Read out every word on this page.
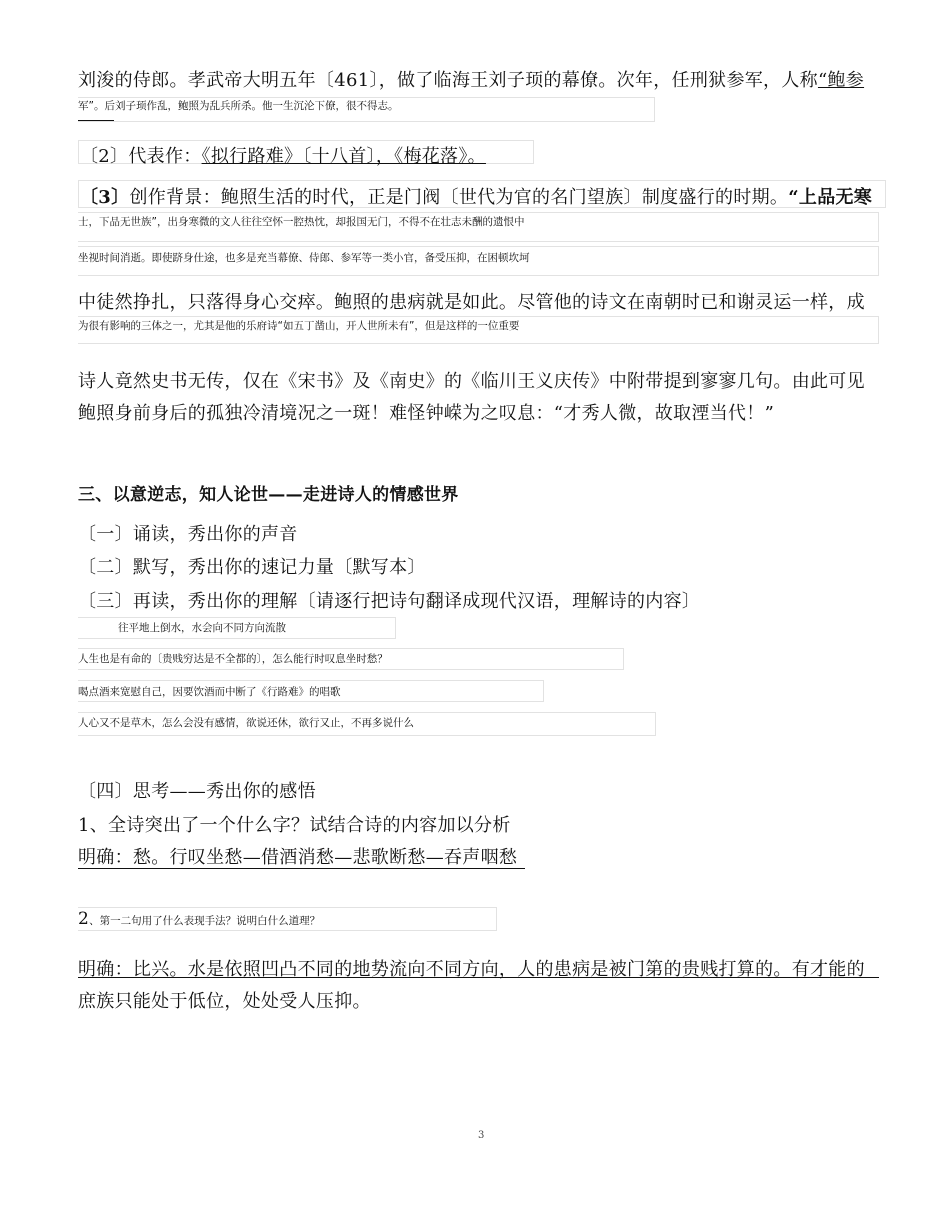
刘浚的侍郎。孝武帝大明五年〔461〕，做了临海王刘子顼的幕僚。次年，任刑狱参军，人称“鲍参
军”。后刘子顼作乱，鲍照为乱兵所杀。他一生沉沦下僚，很不得志。
〔2〕代表作：《拟行路难》〔十八首〕，《梅花落》。
〔3〕创作背景：鲍照生活的时代，正是门阀〔世代为官的名门望族〕制度盛行的时期。“上品无寒
士，下品无世族”，出身寒微的文人往往空怀一腔热忱，却报国无门，不得不在壮志未酬的遗恨中
坐视时间消逝。即使跻身仕途，也多是充当幕僚、侍郎、参军等一类小官，备受压抑，在困顿坎坷
中徒然挣扎，只落得身心交瘁。鲍照的患病就是如此。尽管他的诗文在南朝时已和谢灵运一样，成
为很有影响的三体之一，尤其是他的乐府诗“如五丁凿山，开人世所未有”，但是这样的一位重要
诗人竟然史书无传，仅在《宋书》及《南史》的《临川王义庆传》中附带提到寥寥几句。由此可见
鲍照身前身后的孤独冷清境况之一斑！难怪钟嵘为之叹息：“才秀人微，故取湮当代！”
三、以意逆志，知人论世——走进诗人的情感世界
〔一〕诵读，秀出你的声音
〔二〕默写，秀出你的速记力量〔默写本〕
〔三〕再读，秀出你的理解〔请逐行把诗句翻译成现代汉语，理解诗的内容〕
往平地上倒水，水会向不同方向流散
人生也是有命的〔贵贱穷达是不全都的〕，怎么能行时叹息坐时愁？
喝点酒来宽慰自己，因要饮酒而中断了《行路难》的唱歌
人心又不是草木，怎么会没有感情，欲说还休，欲行又止，不再多说什么
〔四〕思考——秀出你的感悟
1、全诗突出了一个什么字？试结合诗的内容加以分析
明确：愁。行叹坐愁—借酒消愁—悲歌断愁—吞声咽愁
2、第一二句用了什么表现手法？说明白什么道理？
明确：比兴。水是依照凹凸不同的地势流向不同方向，人的患病是被门第的贵贱打算的。有才能的
庶族只能处于低位，处处受人压抑。
3
